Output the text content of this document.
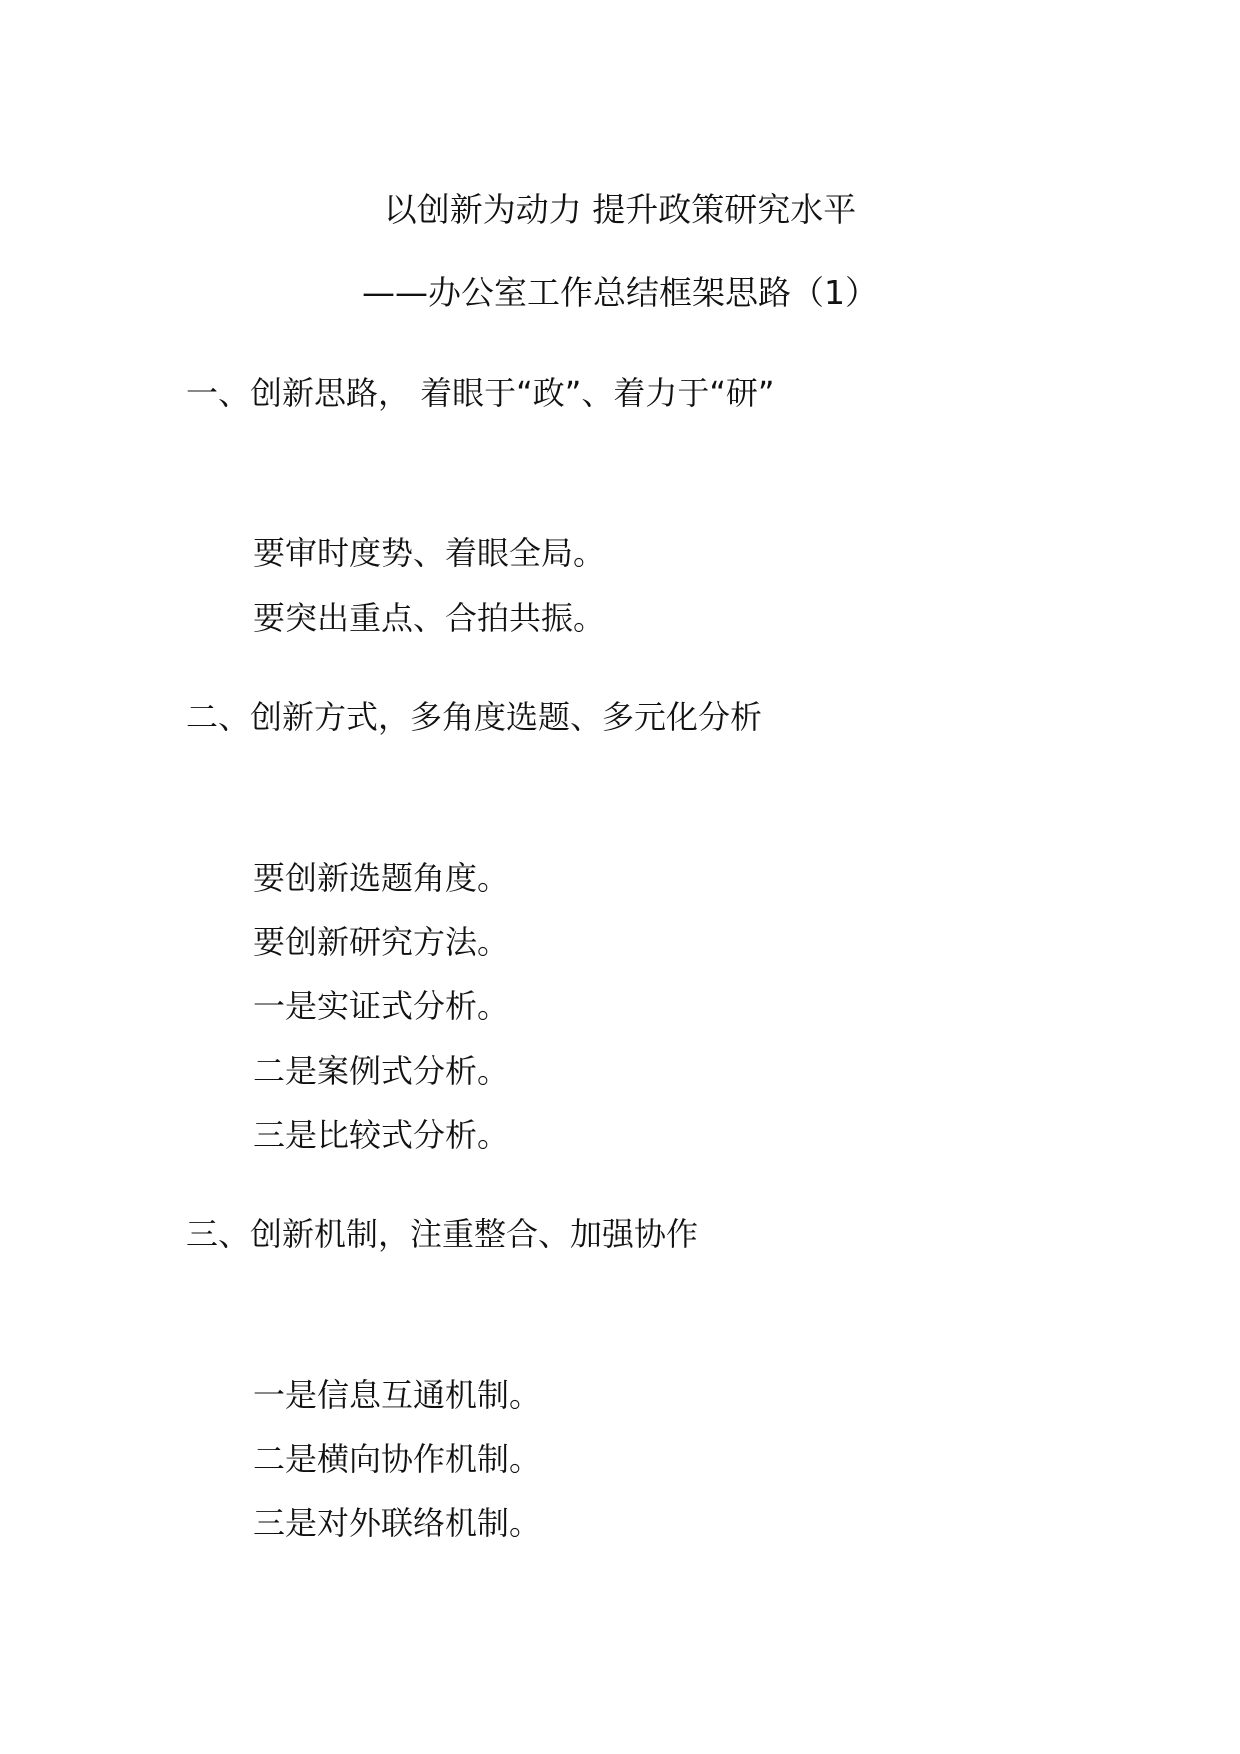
以创新为动力 提升政策研究水平
——办公室工作总结框架思路（1）
一、创新思路， 着眼于“政”、着力于“研”
要审时度势、着眼全局。
要突出重点、合拍共振。
二、创新方式，多角度选题、多元化分析
要创新选题角度。
要创新研究方法。
一是实证式分析。
二是案例式分析。
三是比较式分析。
三、创新机制，注重整合、加强协作
一是信息互通机制。
二是横向协作机制。
三是对外联络机制。
